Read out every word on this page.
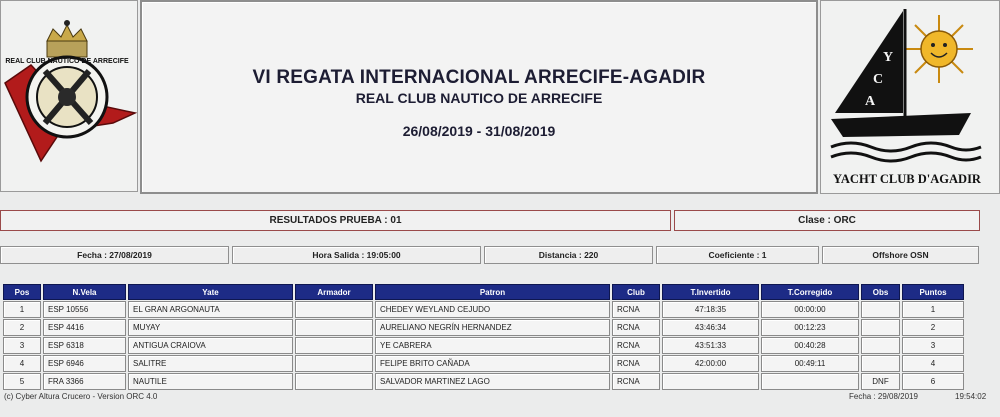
REAL CLUB NAUTICO DE ARRECIFE
VI REGATA INTERNACIONAL ARRECIFE-AGADIR
REAL CLUB NAUTICO DE ARRECIFE
26/08/2019 - 31/08/2019
Y
C
A
YACHT CLUB D'AGADIR
RESULTADOS PRUEBA : 01	Clase : ORC
Fecha : 27/08/2019	Hora Salida : 19:05:00	Distancia : 220	Coeficiente : 1	Offshore OSN
Pos	N.Vela	Yate	Armador	Patron	Club	T.Invertido	T.Corregido	Obs	Puntos
1	ESP 10556	EL GRAN ARGONAUTA		CHEDEY WEYLAND CEJUDO	RCNA	47:18:35	00:00:00		1
2	ESP 4416	MUYAY		AURELIANO NEGRÍN HERNANDEZ	RCNA	43:46:34	00:12:23		2
3	ESP 6318	ANTIGUA CRAIOVA		YE CABRERA	RCNA	43:51:33	00:40:28		3
4	ESP 6946	SALITRE		FELIPE BRITO CAÑADA	RCNA	42:00:00	00:49:11		4
5	FRA 3366	NAUTILE		SALVADOR MARTINEZ LAGO	RCNA			DNF	6
(c) Cyber Altura Crucero - Version ORC 4.0	Fecha : 29/08/2019	19:54:02
